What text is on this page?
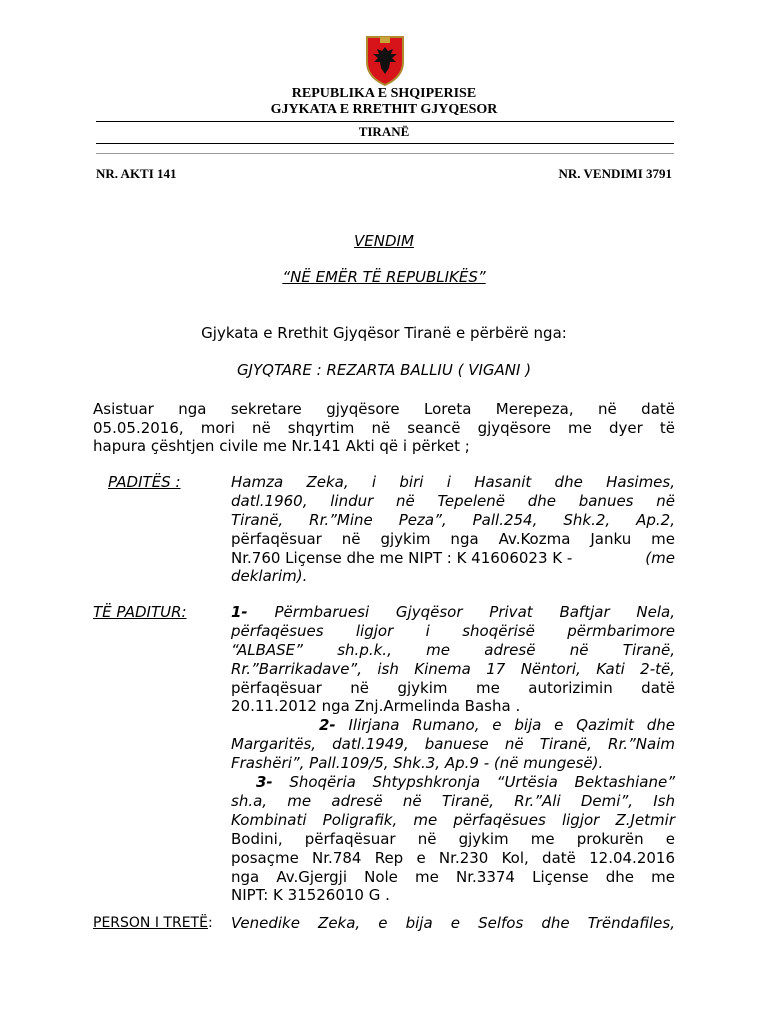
REPUBLIKA E SHQIPERISE
GJYKATA E RRETHIT GJYQESOR
TIRANË
NR. AKTI 141	NR. VENDIMI 3791
VENDIM
“NË EMËR TË REPUBLIKËS”
Gjykata e Rrethit Gjyqësor Tiranë e përbërë nga:
GJYQTARE : REZARTA BALLIU ( VIGANI )
Asistuar nga sekretare gjyqësore Loreta Merepeza, në datë
05.05.2016, mori në shqyrtim në seancë gjyqësore me dyer të
hapura çështjen civile me Nr.141 Akti që i përket ;
PADITËS :	Hamza Zeka, i biri i Hasanit dhe Hasimes,
datl.1960, lindur në Tepelenë dhe banues në
Tiranë, Rr.”Mine Peza”, Pall.254, Shk.2, Ap.2,
përfaqësuar në gjykim nga Av.Kozma Janku me
Nr.760 Liçense dhe me NIPT : K 41606023 K -	(me
deklarim).
TË PADITUR:	1- Përmbaruesi Gjyqësor Privat Baftjar Nela,
përfaqësues ligjor i shoqërisë përmbarimore
“ALBASE” sh.p.k., me adresë në Tiranë,
Rr.”Barrikadave”, ish Kinema 17 Nëntori, Kati 2-të,
përfaqësuar në gjykim me autorizimin datë
20.11.2012 nga Znj.Armelinda Basha .
2- Ilirjana Rumano, e bija e Qazimit dhe
Margaritës, datl.1949, banuese në Tiranë, Rr.”Naim
Frashëri”, Pall.109/5, Shk.3, Ap.9 - (në mungesë).
3- Shoqëria Shtypshkronja “Urtësia Bektashiane”
sh.a, me adresë në Tiranë, Rr.”Ali Demi”, Ish
Kombinati Poligrafik, me përfaqësues ligjor Z.Jetmir
Bodini, përfaqësuar në gjykim me prokurën e
posaçme Nr.784 Rep e Nr.230 Kol, datë 12.04.2016
nga Av.Gjergji Nole me Nr.3374 Liçense dhe me
NIPT: K 31526010 G .
PERSON I TRETË: Venedike Zeka, e bija e Selfos dhe Trëndafiles,
